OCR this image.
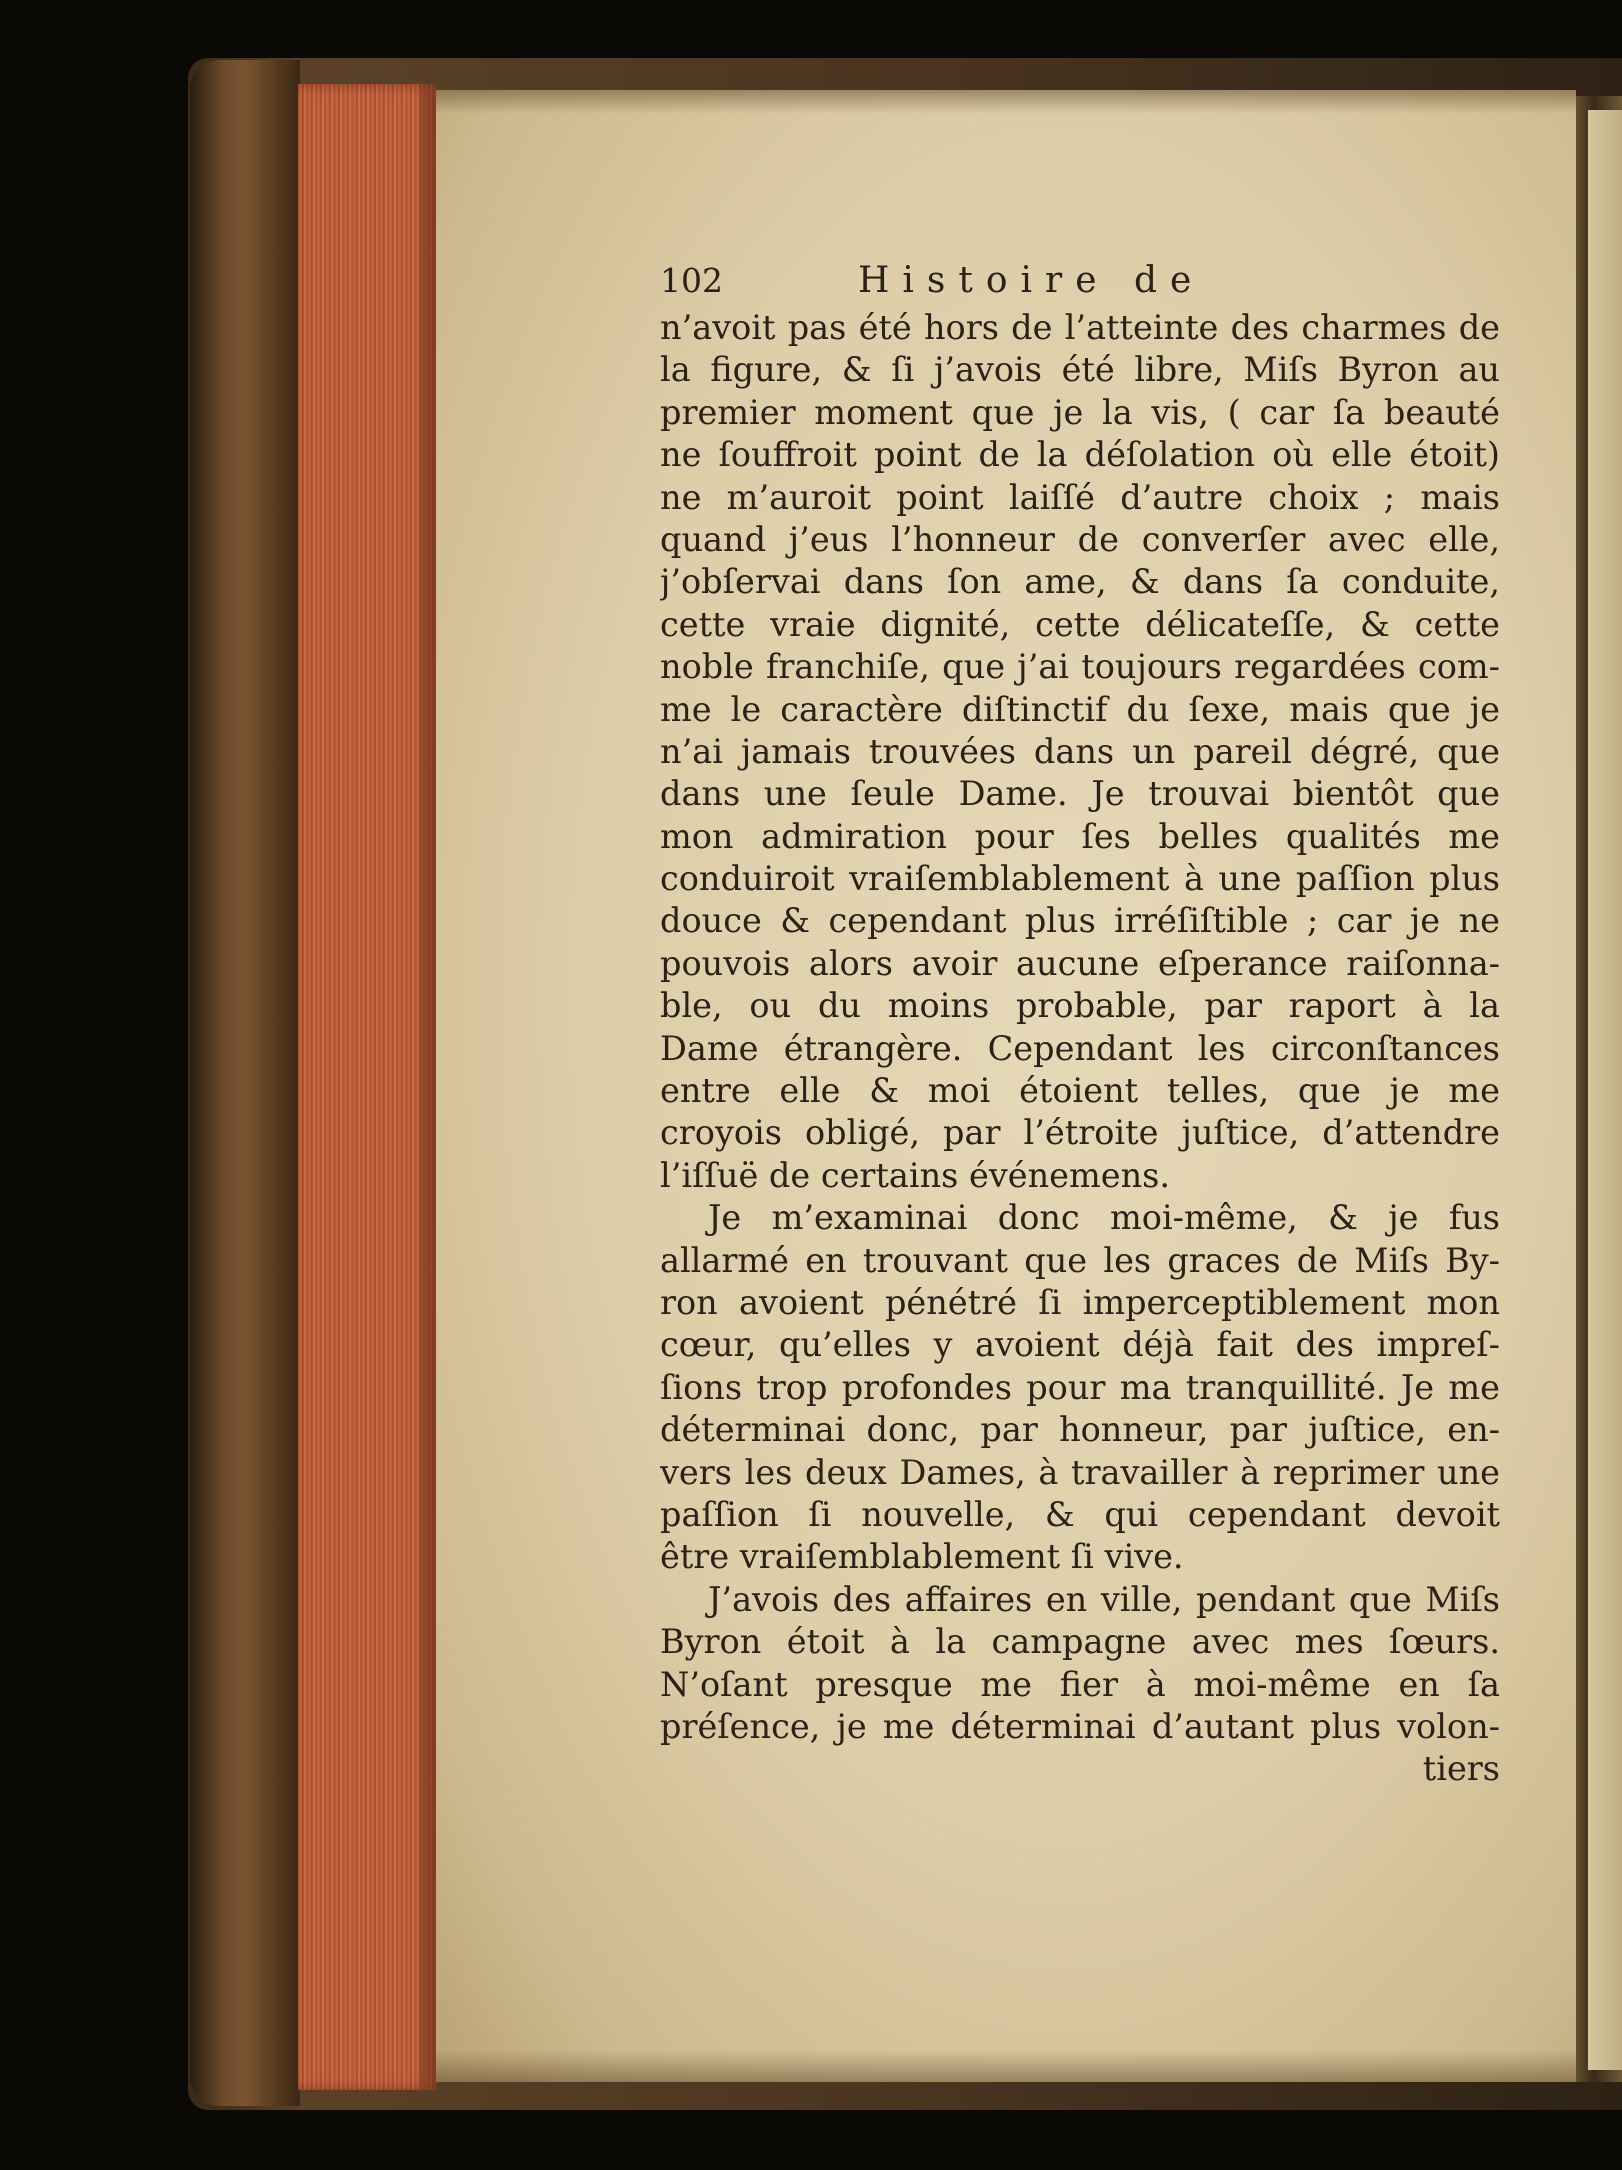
102	Histoire de
n’avoit pas été hors de l’atteinte des charmes de
la figure, & ſi j’avois été libre, Miſs Byron au
premier moment que je la vis, ( car ſa beauté
ne ſouffroit point de la déſolation où elle étoit)
ne m’auroit point laiſſé d’autre choix ; mais
quand j’eus l’honneur de converſer avec elle,
j’obſervai dans ſon ame, & dans ſa conduite,
cette vraie dignité, cette délicateſſe, & cette
noble franchiſe, que j’ai toujours regardées com-
me le caractère diſtinctif du ſexe, mais que je
n’ai jamais trouvées dans un pareil dégré, que
dans une ſeule Dame. Je trouvai bientôt que
mon admiration pour ſes belles qualités me
conduiroit vraiſemblablement à une paſſion plus
douce & cependant plus irréſiſtible ; car je ne
pouvois alors avoir aucune eſperance raiſonna-
ble, ou du moins probable, par raport à la
Dame étrangère. Cependant les circonſtances
entre elle & moi étoient telles, que je me
croyois obligé, par l’étroite juſtice, d’attendre
l’iſſuë de certains événemens.
Je m’examinai donc moi-même, & je fus
allarmé en trouvant que les graces de Miſs By-
ron avoient pénétré ſi imperceptiblement mon
cœur, qu’elles y avoient déjà fait des impreſ-
ſions trop profondes pour ma tranquillité. Je me
déterminai donc, par honneur, par juſtice, en-
vers les deux Dames, à travailler à reprimer une
paſſion ſi nouvelle, & qui cependant devoit
être vraiſemblablement ſi vive.
J’avois des affaires en ville, pendant que Miſs
Byron étoit à la campagne avec mes ſœurs.
N’oſant presque me fier à moi-même en ſa
préſence, je me déterminai d’autant plus volon-
tiers
